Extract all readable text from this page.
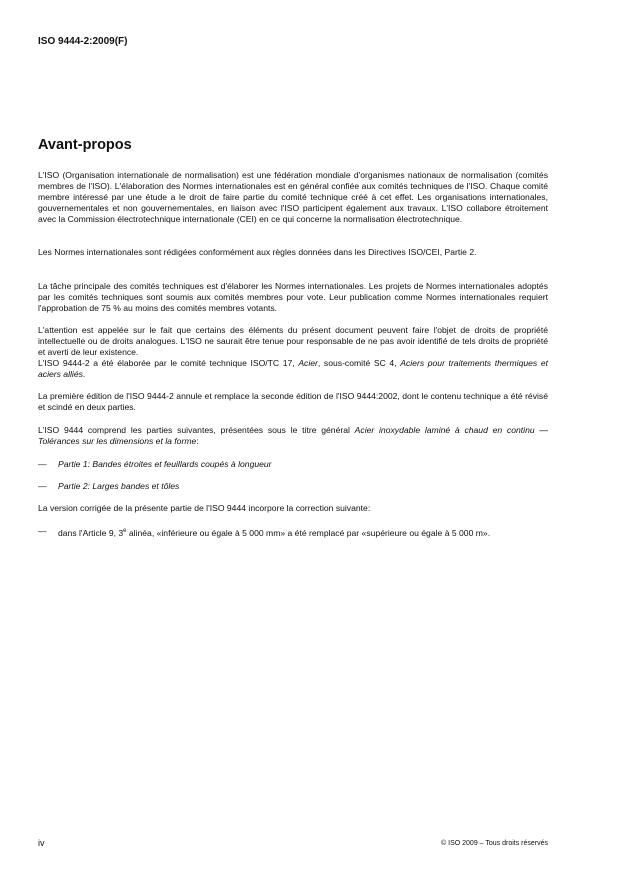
ISO 9444-2:2009(F)
Avant-propos
L'ISO (Organisation internationale de normalisation) est une fédération mondiale d'organismes nationaux de normalisation (comités membres de l'ISO). L'élaboration des Normes internationales est en général confiée aux comités techniques de l'ISO. Chaque comité membre intéressé par une étude a le droit de faire partie du comité technique créé à cet effet. Les organisations internationales, gouvernementales et non gouvernementales, en liaison avec l'ISO participent également aux travaux. L'ISO collabore étroitement avec la Commission électrotechnique internationale (CEI) en ce qui concerne la normalisation électrotechnique.
Les Normes internationales sont rédigées conformément aux règles données dans les Directives ISO/CEI, Partie 2.
La tâche principale des comités techniques est d'élaborer les Normes internationales. Les projets de Normes internationales adoptés par les comités techniques sont soumis aux comités membres pour vote. Leur publication comme Normes internationales requiert l'approbation de 75 % au moins des comités membres votants.
L'attention est appelée sur le fait que certains des éléments du présent document peuvent faire l'objet de droits de propriété intellectuelle ou de droits analogues. L'ISO ne saurait être tenue pour responsable de ne pas avoir identifié de tels droits de propriété et averti de leur existence.
L'ISO 9444-2 a été élaborée par le comité technique ISO/TC 17, Acier, sous-comité SC 4, Aciers pour traitements thermiques et aciers alliés.
La première édition de l'ISO 9444-2 annule et remplace la seconde édition de l'ISO 9444:2002, dont le contenu technique a été révisé et scindé en deux parties.
L'ISO 9444 comprend les parties suivantes, présentées sous le titre général Acier inoxydable laminé à chaud en continu — Tolérances sur les dimensions et la forme:
— Partie 1: Bandes étroites et feuillards coupés à longueur
— Partie 2: Larges bandes et tôles
La version corrigée de la présente partie de l'ISO 9444 incorpore la correction suivante:
— dans l'Article 9, 3e alinéa, «inférieure ou égale à 5 000 mm» a été remplacé par «supérieure ou égale à 5 000 m».
iv	© ISO 2009 – Tous droits réservés
